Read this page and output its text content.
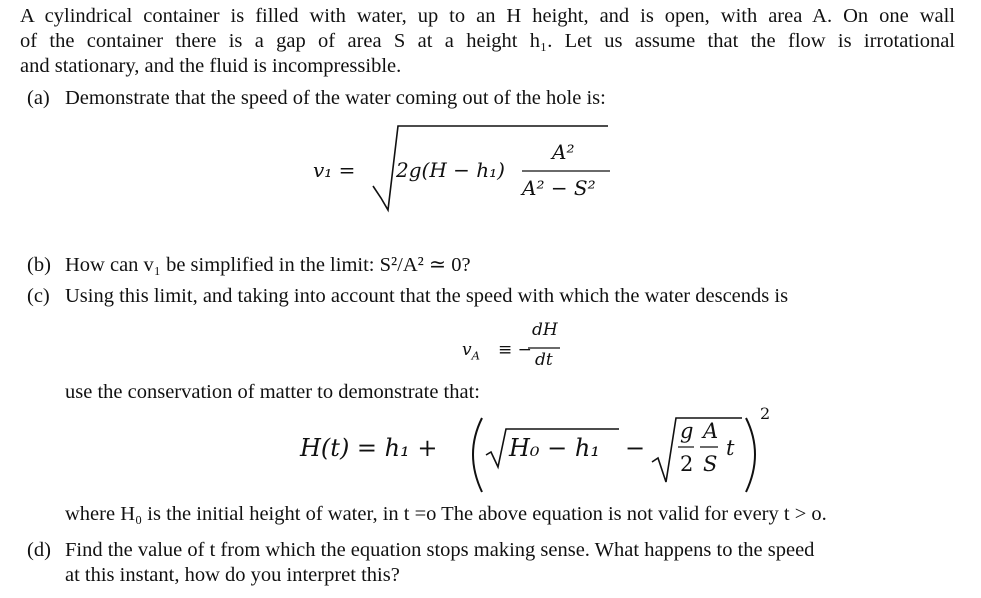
A cylindrical container is filled with water, up to an H height, and is open, with area A. On one wall
of the container there is a gap of area S at a height h₁. Let us assume that the flow is irrotational
and stationary, and the fluid is incompressible.
(a) Demonstrate that the speed of the water coming out of the hole is:
v₁ = 2g(H − h₁)
A²
A² − S²
(b) How can v₁ be simplified in the limit: S²/A² ≃ 0?
(c) Using this limit, and taking into account that the speed with which the water descends is
$v_A$ ≡ −
dH
dt
use the conservation of matter to demonstrate that:
H(t) = h₁ +	H₀ − h₁ −
g A
2 S
t
2
where H₀ is the initial height of water, in t =o The above equation is not valid for every t > o.
(d) Find the value of t from which the equation stops making sense. What happens to the speed
at this instant, how do you interpret this?
